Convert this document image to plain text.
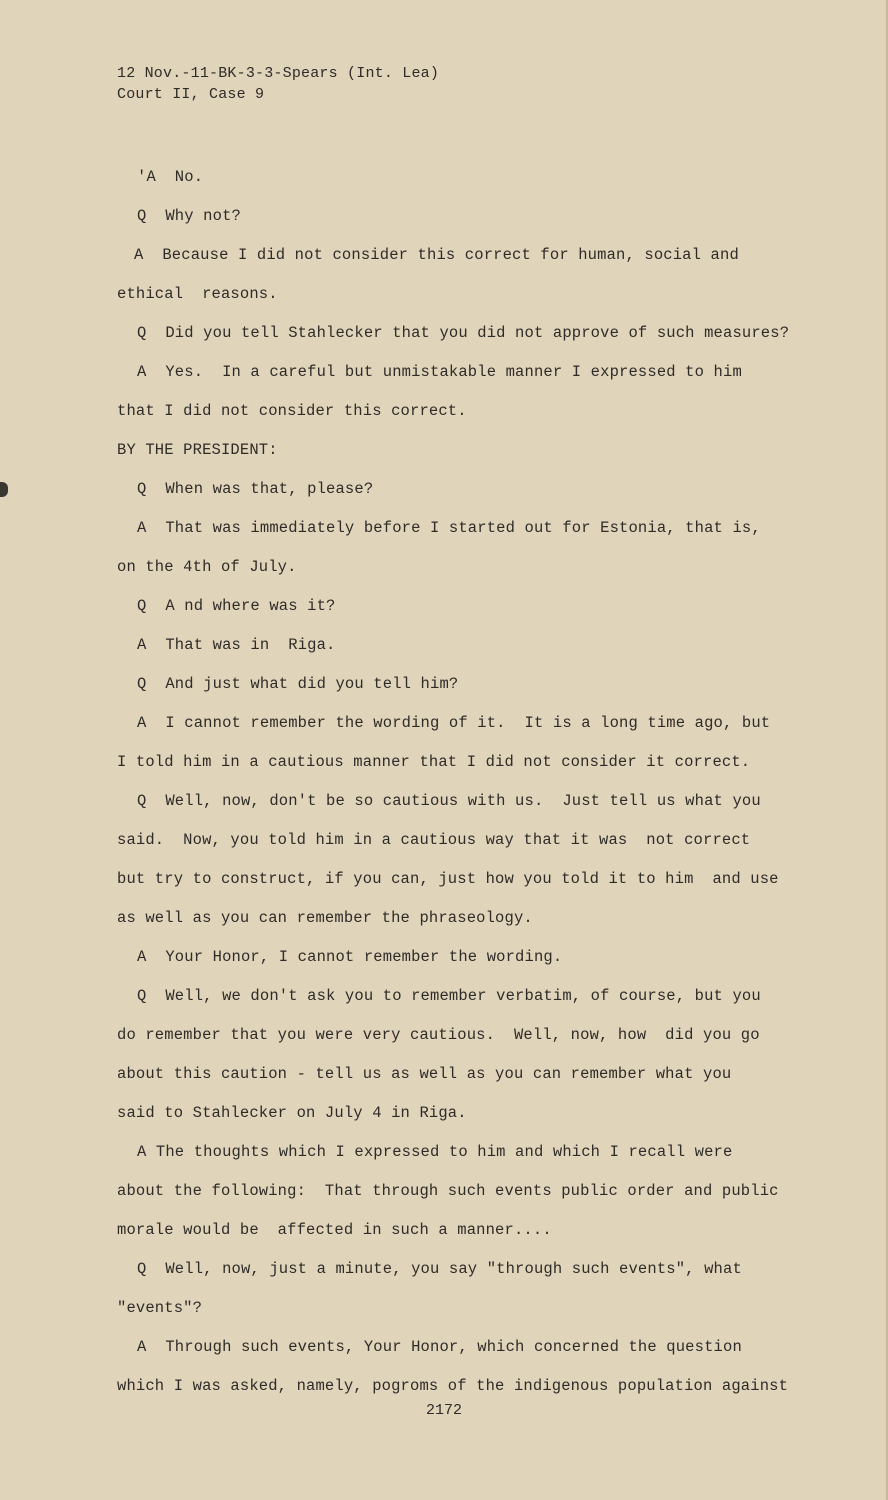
12 Nov.-11-BK-3-3-Spears (Int. Lea)
Court II, Case 9
'A  No.
Q  Why not?
A  Because I did not consider this correct for human, social and
ethical  reasons.
Q  Did you tell Stahlecker that you did not approve of such measures?
A  Yes.  In a careful but unmistakable manner I expressed to him
that I did not consider this correct.
BY THE PRESIDENT:
Q  When was that, please?
A  That was immediately before I started out for Estonia, that is,
on the 4th of July.
Q  A nd where was it?
A  That was in  Riga.
Q  And just what did you tell him?
A  I cannot remember the wording of it.  It is a long time ago, but
I told him in a cautious manner that I did not consider it correct.
Q  Well, now, don't be so cautious with us.  Just tell us what you
said.  Now, you told him in a cautious way that it was  not correct
but try to construct, if you can, just how you told it to him  and use
as well as you can remember the phraseology.
A  Your Honor, I cannot remember the wording.
Q  Well, we don't ask you to remember verbatim, of course, but you
do remember that you were very cautious.  Well, now, how  did you go
about this caution - tell us as well as you can remember what you
said to Stahlecker on July 4 in Riga.
A The thoughts which I expressed to him and which I recall were
about the following:  That through such events public order and public
morale would be  affected in such a manner....
Q  Well, now, just a minute, you say "through such events", what
"events"?
A  Through such events, Your Honor, which concerned the question
which I was asked, namely, pogroms of the indigenous population against
2172
